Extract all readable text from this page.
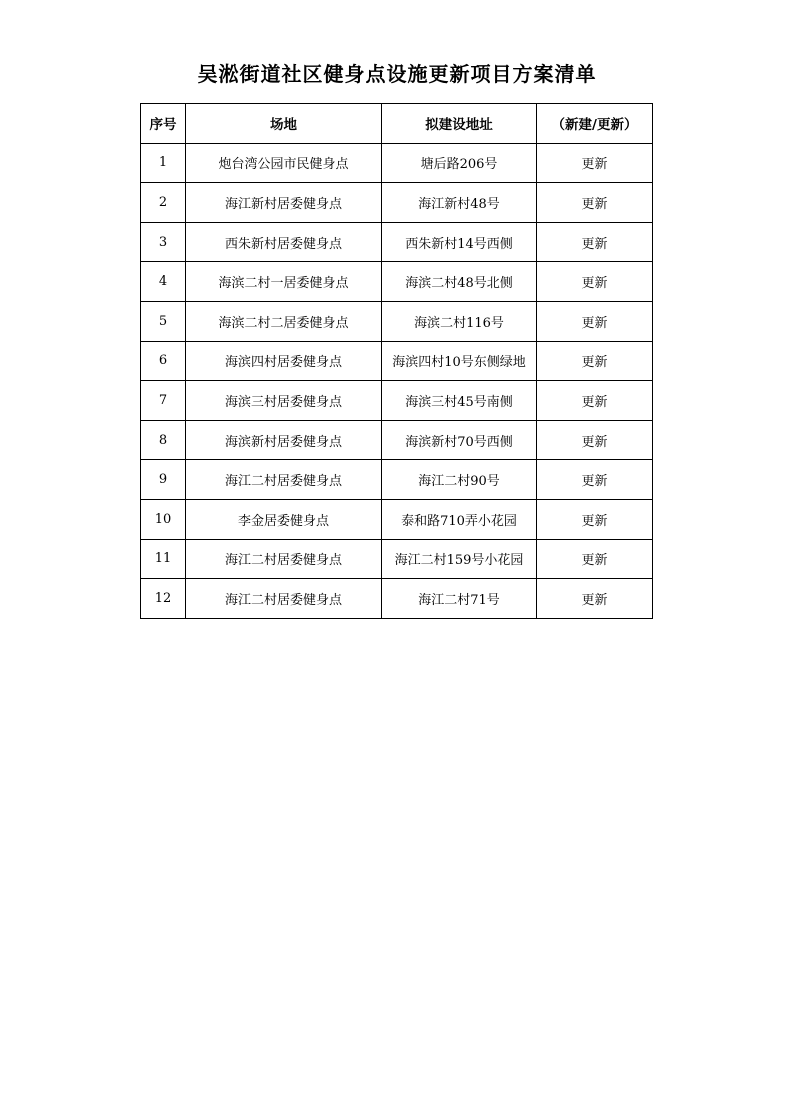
吴淞街道社区健身点设施更新项目方案清单
序号	场地	拟建设地址	（新建/更新）
1	炮台湾公园市民健身点	塘后路206号	更新
2	海江新村居委健身点	海江新村48号	更新
3	西朱新村居委健身点	西朱新村14号西侧	更新
4	海滨二村一居委健身点	海滨二村48号北侧	更新
5	海滨二村二居委健身点	海滨二村116号	更新
6	海滨四村居委健身点	海滨四村10号东侧绿地	更新
7	海滨三村居委健身点	海滨三村45号南侧	更新
8	海滨新村居委健身点	海滨新村70号西侧	更新
9	海江二村居委健身点	海江二村90号	更新
10	李金居委健身点	泰和路710弄小花园	更新
11	海江二村居委健身点	海江二村159号小花园	更新
12	海江二村居委健身点	海江二村71号	更新
